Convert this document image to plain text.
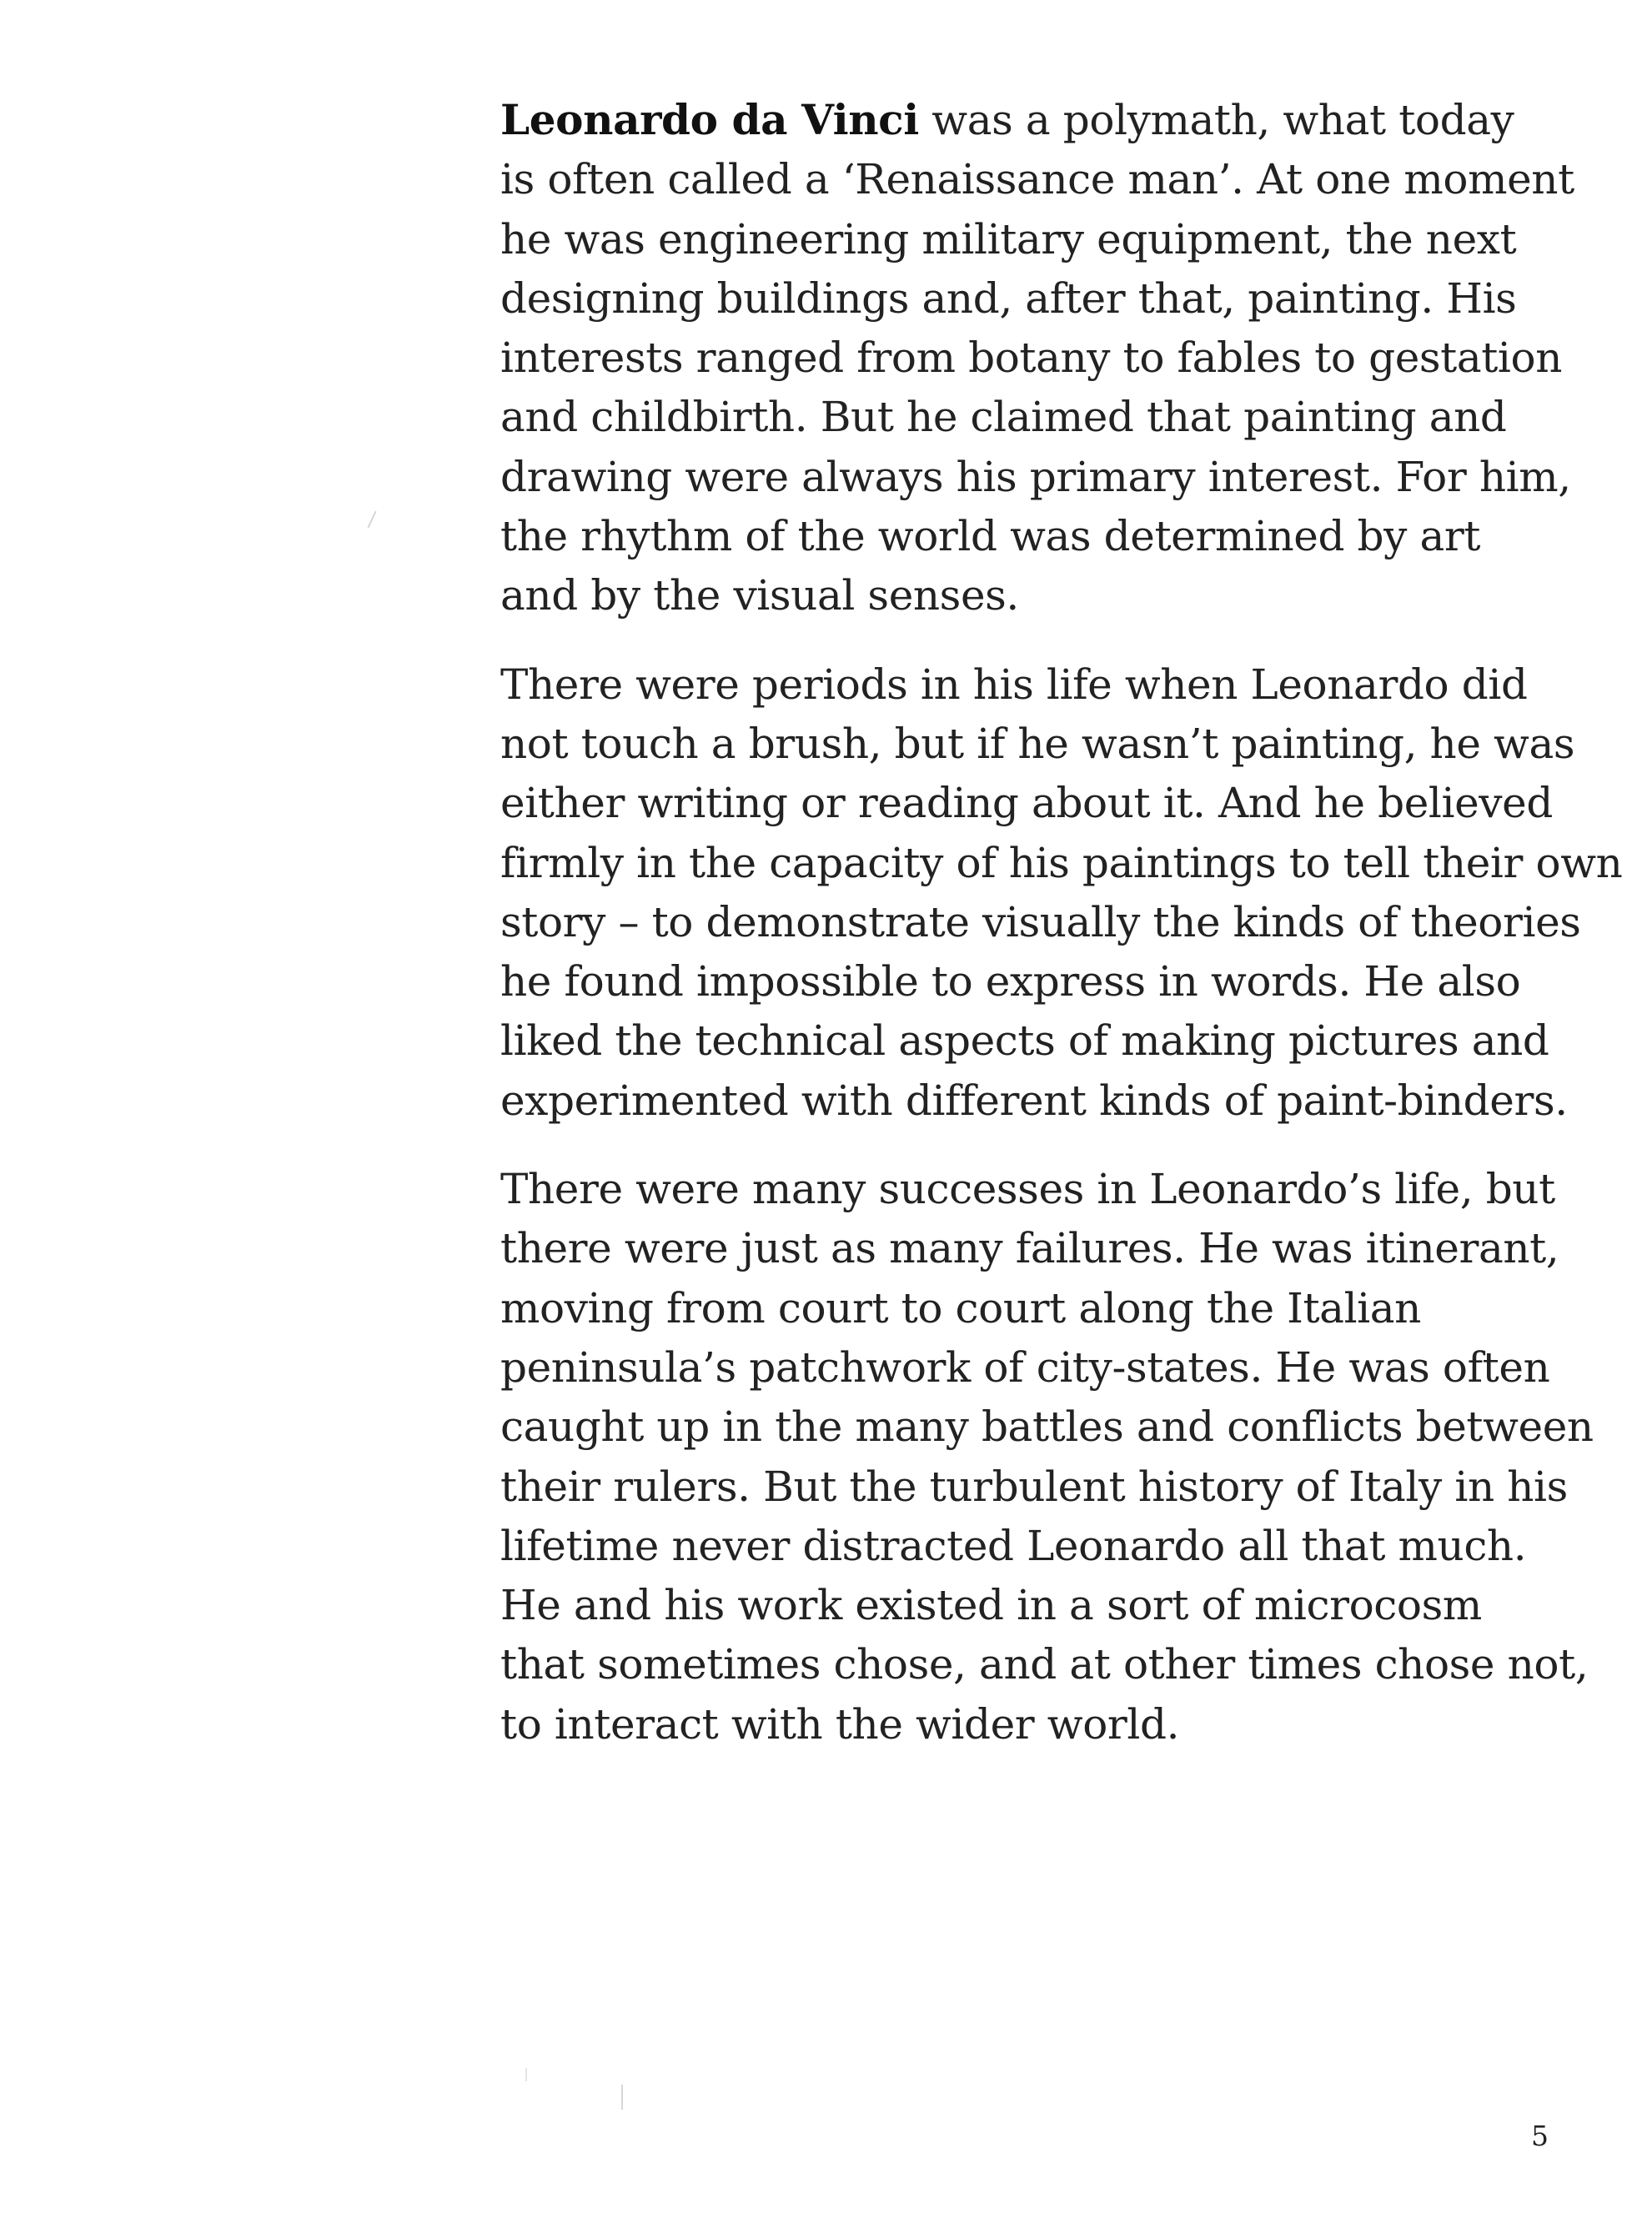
Leonardo da Vinci was a polymath, what today
is often called a ‘Renaissance man’. At one moment
he was engineering military equipment, the next
designing buildings and, after that, painting. His
interests ranged from botany to fables to gestation
and childbirth. But he claimed that painting and
drawing were always his primary interest. For him,
the rhythm of the world was determined by art
and by the visual senses.

There were periods in his life when Leonardo did
not touch a brush, but if he wasn’t painting, he was
either writing or reading about it. And he believed
firmly in the capacity of his paintings to tell their own
story – to demonstrate visually the kinds of theories
he found impossible to express in words. He also
liked the technical aspects of making pictures and
experimented with different kinds of paint-binders.

There were many successes in Leonardo’s life, but
there were just as many failures. He was itinerant,
moving from court to court along the Italian
peninsula’s patchwork of city-states. He was often
caught up in the many battles and conflicts between
their rulers. But the turbulent history of Italy in his
lifetime never distracted Leonardo all that much.
He and his work existed in a sort of microcosm
that sometimes chose, and at other times chose not,
to interact with the wider world.

5
